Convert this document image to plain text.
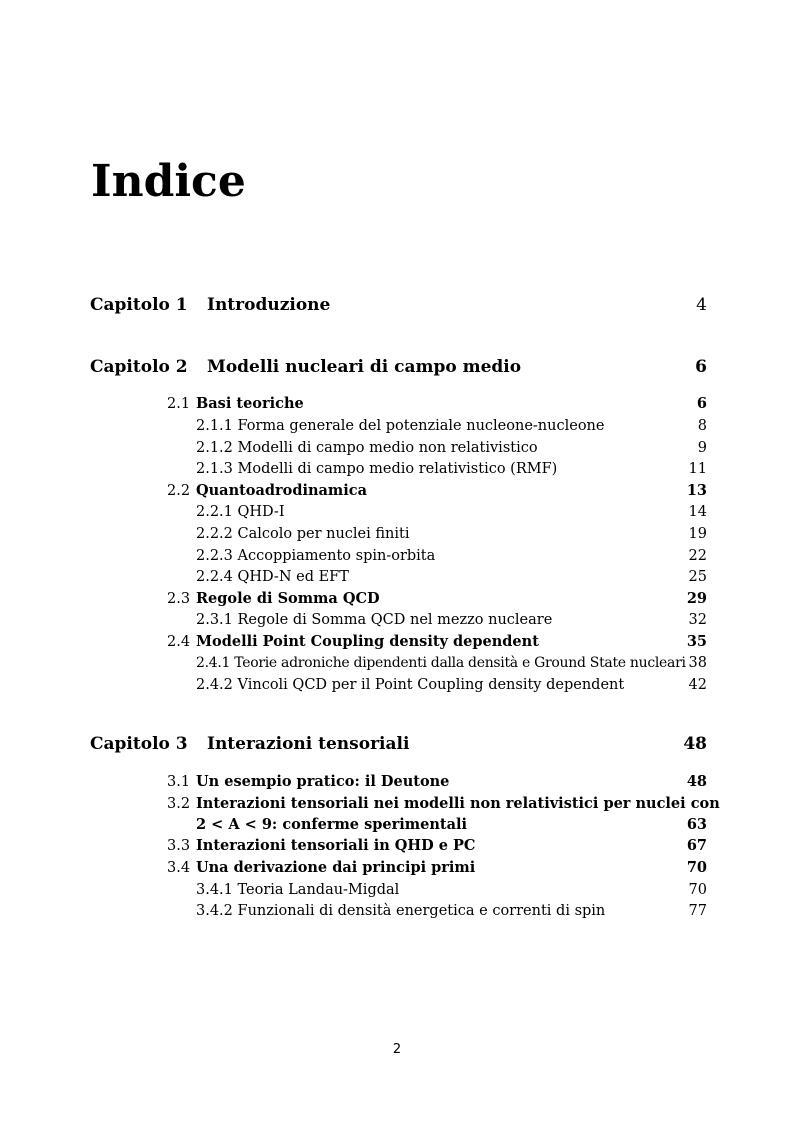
Indice
Capitolo 1 Introduzione	4
Capitolo 2 Modelli nucleari di campo medio	6
2.1 Basi teoriche	6
2.1.1 Forma generale del potenziale nucleone-nucleone	8
2.1.2 Modelli di campo medio non relativistico	9
2.1.3 Modelli di campo medio relativistico (RMF)	11
2.2 Quantoadrodinamica	13
2.2.1 QHD-I	14
2.2.2 Calcolo per nuclei finiti	19
2.2.3 Accoppiamento spin-orbita	22
2.2.4 QHD-N ed EFT	25
2.3 Regole di Somma QCD	29
2.3.1 Regole di Somma QCD nel mezzo nucleare	32
2.4 Modelli Point Coupling density dependent	35
2.4.1 Teorie adroniche dipendenti dalla densità e Ground State nucleari 38
2.4.2 Vincoli QCD per il Point Coupling density dependent	42
Capitolo 3 Interazioni tensoriali	48
3.1 Un esempio pratico: il Deutone	48
3.2 Interazioni tensoriali nei modelli non relativistici per nuclei con
2 < A < 9: conferme sperimentali	63
3.3 Interazioni tensoriali in QHD e PC	67
3.4 Una derivazione dai principi primi	70
3.4.1 Teoria Landau-Migdal	70
3.4.2 Funzionali di densità energetica e correnti di spin	77
2
